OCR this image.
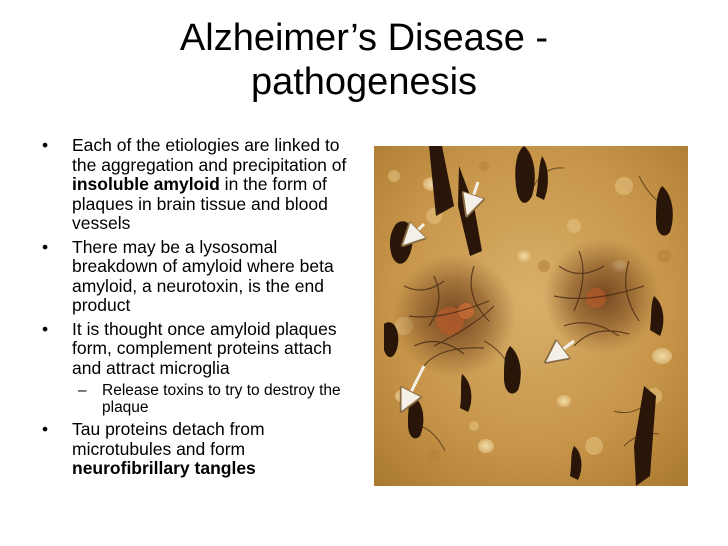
Alzheimer’s Disease -
pathogenesis
• Each of the etiologies are linked to the aggregation and precipitation of insoluble amyloid in the form of plaques in brain tissue and blood vessels
• There may be a lysosomal breakdown of amyloid where beta amyloid, a neurotoxin, is the end product
• It is thought once amyloid plaques form, complement proteins attach and attract microglia
– Release toxins to try to destroy the plaque
• Tau proteins detach from microtubules and form neurofibrillary tangles
